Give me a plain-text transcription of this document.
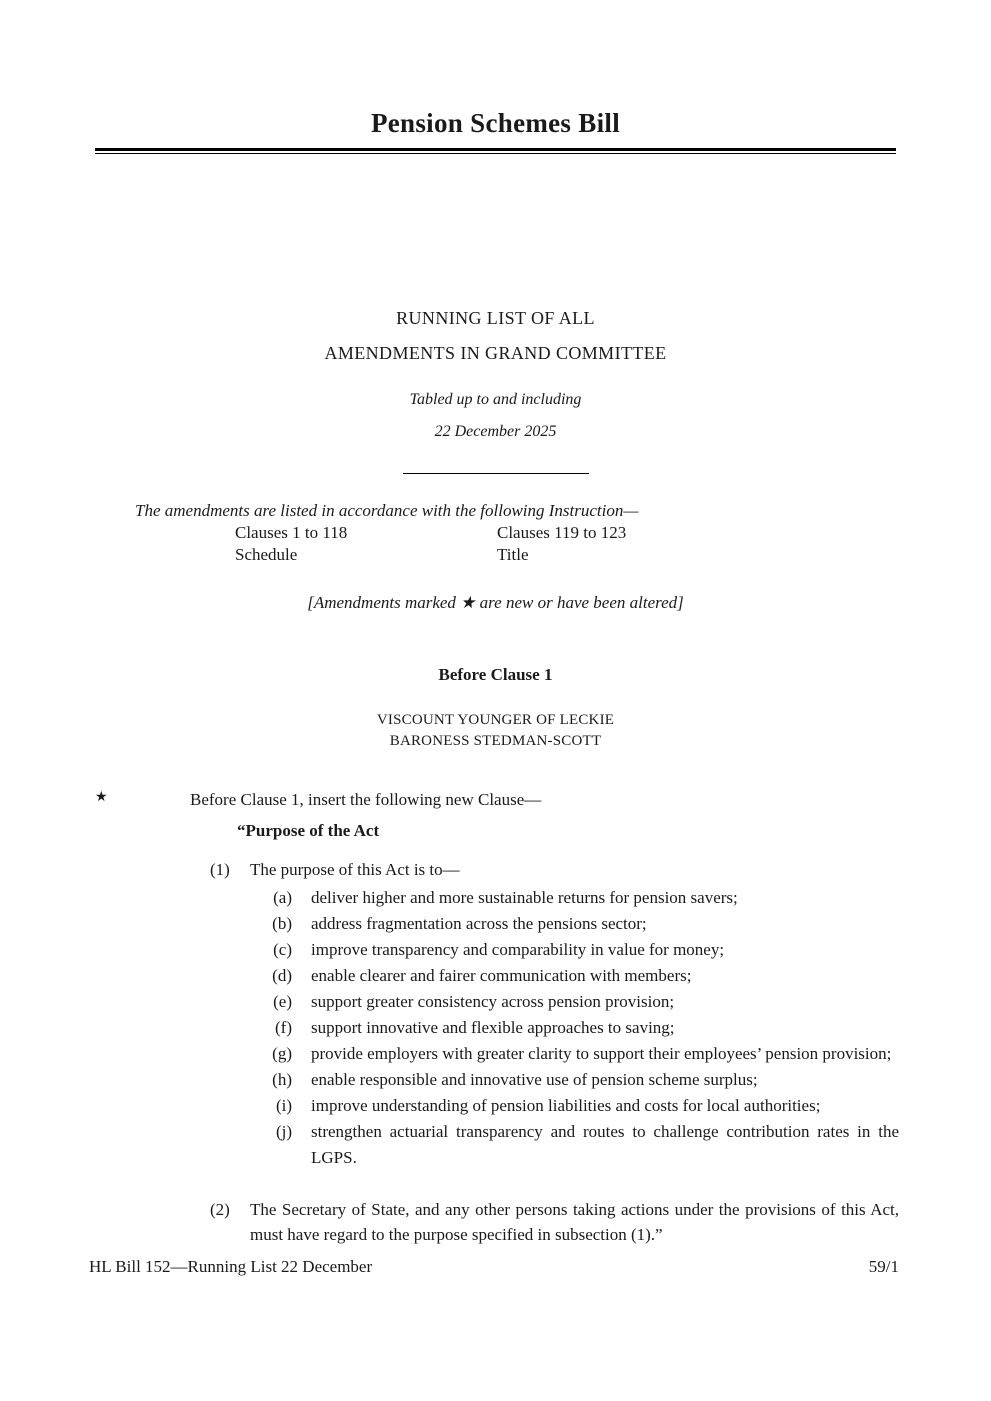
Pension Schemes Bill
RUNNING LIST OF ALL
AMENDMENTS IN GRAND COMMITTEE
Tabled up to and including
22 December 2025
The amendments are listed in accordance with the following Instruction—
Clauses 1 to 118	Clauses 119 to 123
Schedule	Title
[Amendments marked ★ are new or have been altered]
Before Clause 1
VISCOUNT YOUNGER OF LECKIE
BARONESS STEDMAN-SCOTT
★	Before Clause 1, insert the following new Clause—
“Purpose of the Act
(1)	The purpose of this Act is to—
(a) deliver higher and more sustainable returns for pension savers;
(b) address fragmentation across the pensions sector;
(c) improve transparency and comparability in value for money;
(d) enable clearer and fairer communication with members;
(e) support greater consistency across pension provision;
(f) support innovative and flexible approaches to saving;
(g) provide employers with greater clarity to support their employees’ pension provision;
(h) enable responsible and innovative use of pension scheme surplus;
(i) improve understanding of pension liabilities and costs for local authorities;
(j) strengthen actuarial transparency and routes to challenge contribution rates in the LGPS.
(2)	The Secretary of State, and any other persons taking actions under the provisions of this Act, must have regard to the purpose specified in subsection (1).”
HL Bill 152—Running List 22 December	59/1
